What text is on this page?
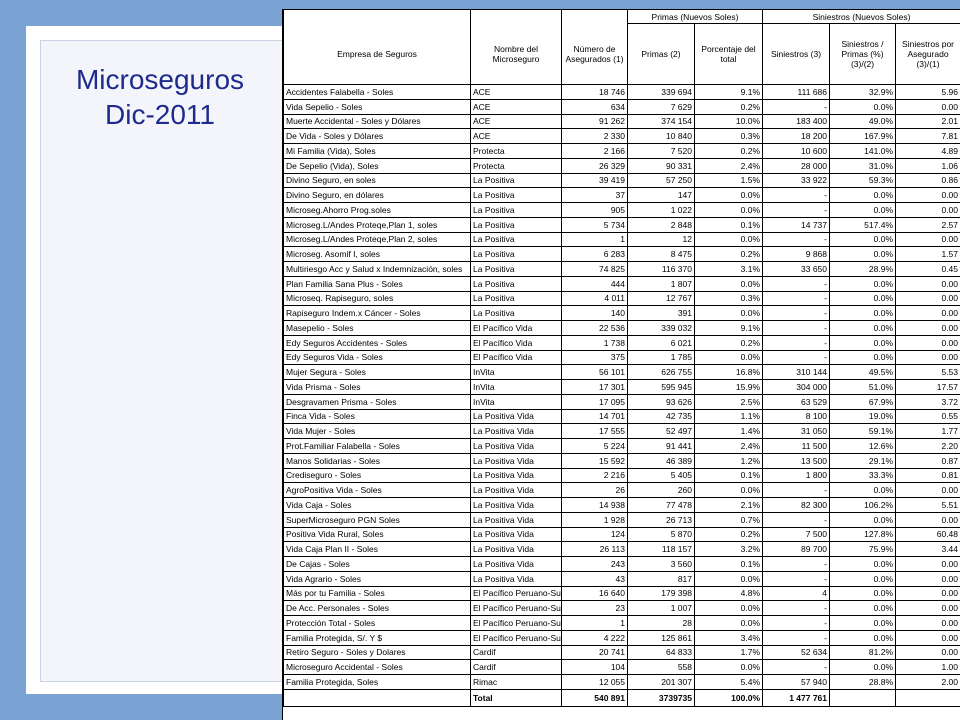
Microseguros
Dic-2011
			Primas (Nuevos Soles)		Siniestros (Nuevos Soles)		
Empresa de Seguros	Nombre del Microseguro	Número de Asegurados (1)	Primas (2)	Porcentaje del total	Siniestros (3)	Siniestros / Primas (%) (3)/(2)	Siniestros por Asegurado (3)/(1)
Accidentes Falabella - Soles	ACE	18 746	339 694	9.1%	111 686	32.9%	5.96
Vida Sepelio - Soles	ACE	634	7 629	0.2%	-	0.0%	0.00
Muerte Accidental - Soles y Dólares	ACE	91 262	374 154	10.0%	183 400	49.0%	2.01
De Vida - Soles y Dólares	ACE	2 330	10 840	0.3%	18 200	167.9%	7.81
Mi Familia (Vida), Soles	Protecta	2 166	7 520	0.2%	10 600	141.0%	4.89
De Sepelio (Vida), Soles	Protecta	26 329	90 331	2.4%	28 000	31.0%	1.06
Divino Seguro, en soles	La Positiva	39 419	57 250	1.5%	33 922	59.3%	0.86
Divino Seguro, en dólares	La Positiva	37	147	0.0%	-	0.0%	0.00
Microseg.Ahorro Prog.soles	La Positiva	905	1 022	0.0%	-	0.0%	0.00
Microseg.L/Andes Proteqe,Plan 1, soles	La Positiva	5 734	2 848	0.1%	14 737	517.4%	2.57
Microseg.L/Andes Proteqe,Plan 2, soles	La Positiva	1	12	0.0%	-	0.0%	0.00
Microseg. Asomif I, soles	La Positiva	6 283	8 475	0.2%	9 868	0.0%	1.57
Multiriesgo Acc y Salud x Indemnización, soles	La Positiva	74 825	116 370	3.1%	33 650	28.9%	0.45
Plan Familia Sana Plus - Soles	La Positiva	444	1 807	0.0%	-	0.0%	0.00
Microseq. Rapiseguro, soles	La Positiva	4 011	12 767	0.3%	-	0.0%	0.00
Rapiseguro Indem.x Cáncer - Soles	La Positiva	140	391	0.0%	-	0.0%	0.00
Masepelio - Soles	El Pacífico Vida	22 536	339 032	9.1%	-	0.0%	0.00
Edy Seguros Accidentes - Soles	El Pacífico Vida	1 738	6 021	0.2%	-	0.0%	0.00
Edy Seguros Vida - Soles	El Pacífico Vida	375	1 785	0.0%	-	0.0%	0.00
Mujer Segura - Soles	InVita	56 101	626 755	16.8%	310 144	49.5%	5.53
Vida Prisma - Soles	InVita	17 301	595 945	15.9%	304 000	51.0%	17.57
Desgravamen Prisma - Soles	InVita	17 095	93 626	2.5%	63 529	67.9%	3.72
Finca Vida - Soles	La Positiva Vida	14 701	42 735	1.1%	8 100	19.0%	0.55
Vida Mujer - Soles	La Positiva Vida	17 555	52 497	1.4%	31 050	59.1%	1.77
Prot.Familiar Falabella - Soles	La Positiva Vida	5 224	91 441	2.4%	11 500	12.6%	2.20
Manos Solidarias - Soles	La Positiva Vida	15 592	46 389	1.2%	13 500	29.1%	0.87
Crediseguro - Soles	La Positiva Vida	2 216	5 405	0.1%	1 800	33.3%	0.81
AgroPositiva Vida - Soles	La Positiva Vida	26	260	0.0%	-	0.0%	0.00
Vida Caja - Soles	La Positiva Vida	14 938	77 478	2.1%	82 300	106.2%	5.51
SuperMicroseguro PGN Soles	La Positiva Vida	1 928	26 713	0.7%	-	0.0%	0.00
Positiva Vida Rural, Soles	La Positiva Vida	124	5 870	0.2%	7 500	127.8%	60.48
Vida Caja Plan II - Soles	La Positiva Vida	26 113	118 157	3.2%	89 700	75.9%	3.44
De Cajas - Soles	La Positiva Vida	243	3 560	0.1%	-	0.0%	0.00
Vida Agrario - Soles	La Positiva Vida	43	817	0.0%	-	0.0%	0.00
Más por tu Familia - Soles	El Pacífico Peruano-Su	16 640	179 398	4.8%	4	0.0%	0.00
De Acc. Personales - Soles	El Pacífico Peruano-Su	23	1 007	0.0%	-	0.0%	0.00
Protección Total - Soles	El Pacífico Peruano-Su	1	28	0.0%	-	0.0%	0.00
Familia Protegida, S/. Y $	El Pacífico Peruano-Su	4 222	125 861	3.4%	-	0.0%	0.00
Retiro Seguro - Soles y Dolares	Cardif	20 741	64 833	1.7%	52 634	81.2%	0.00
Microseguro Accidental - Soles	Cardif	104	558	0.0%	-	0.0%	1.00
Familia Protegida, Soles	Rimac	12 055	201 307	5.4%	57 940	28.8%	2.00
	Total	540 891	3739735	100.0%	1 477 761		
